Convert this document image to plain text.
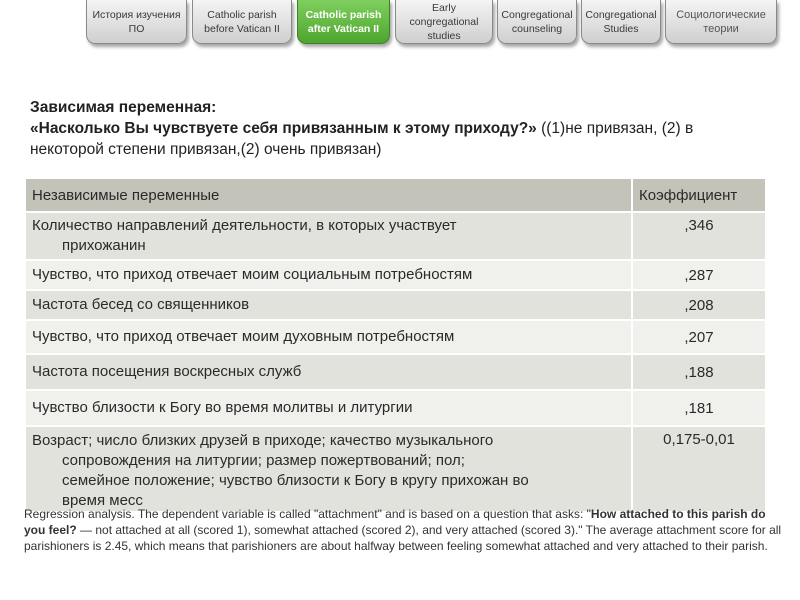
История изучения ПО
Catholic parish before Vatican II
Catholic parish after Vatican II
Early congregational studies
Congregational counseling
Congregational Studies
Социологические теории
Зависимая переменная:
«Насколько Вы чувствуете себя привязанным к этому приходу?» ((1)не привязан, (2) в некоторой степени привязан,(2) очень привязан)
Независимые переменные	Коэффициент

Количество направлений деятельности, в которых участвует
прихожанин	,346
Чувство, что приход отвечает моим социальным потребностям	,287
Частота бесед со священников	,208
Чувство, что приход отвечает моим духовным потребностям	,207
Частота посещения воскресных служб	,188
Чувство близости к Богу во время молитвы и литургии	,181

Возраст; число близких друзей в приходе; качество музыкального
сопровождения на литургии; размер пожертвований; пол;
семейное положение; чувство близости к Богу в кругу прихожан во
время месс	0,175-0,01
Regression analysis. The dependent variable is called "attachment" and is based on a question that asks: "How attached to this parish do you feel? — not attached at all (scored 1), somewhat attached (scored 2), and very attached (scored 3)." The average attachment score for all parishioners is 2.45, which means that parishioners are about halfway between feeling somewhat attached and very attached to their parish.
